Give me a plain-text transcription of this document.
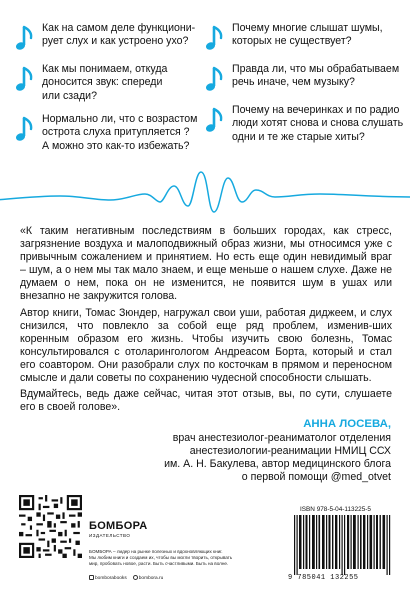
Как на самом деле функциони-
рует слух и как устроено ухо?
Как мы понимаем, откуда
доносится звук: спереди
или сзади?
Нормально ли, что с возрастом
острота слуха притупляется ?
А можно это как-то избежать?
Почему многие слышат шумы,
которых не существует?
Правда ли, что мы обрабатываем
речь иначе, чем музыку?
Почему на вечеринках и по радио
люди хотят снова и снова слушать
одни и те же старые хиты?

«К таким негативным последствиям в больших городах, как стресс, загрязнение воздуха и малоподвижный образ жизни, мы относимся уже с привычным сожалением и принятием. Но есть еще один невидимый враг – шум, а о нем мы так мало знаем, и еще меньше о нашем слухе. Даже не думаем о нем, пока он не изменится, не появится шум в ушах или внезапно не закружится голова.

Автор книги, Томас Зюндер, нагружал свои уши, работая диджеем, и слух снизился, что повлекло за собой еще ряд проблем, изменив-ших коренным образом его жизнь. Чтобы изучить свою болезнь, Томас консультировался с отоларингологом Андреасом Борта, который и стал его соавтором. Они разобрали слух по косточкам в прямом и переносном смысле и дали советы по сохранению чудесной способности слышать.

Вдумайтесь, ведь даже сейчас, читая этот отзыв, вы, по сути, слушаете его в своей голове».

АННА ЛОСЕВА,
врач анестезиолог-реаниматолог отделения
анестезиологии-реанимации НМИЦ ССХ
им. А. Н. Бакулева, автор медицинского блога
о первой помощи @med_otvet
БОМБОРА
ИЗДАТЕЛЬСТВО
БОМБОРА – лидер на рынке полезных и вдохновляющих книг.
Мы любим книги и создаем их, чтобы вы могли творить, открывать
мир, пробовать новое, расти. Быть счастливыми. Быть на волне.
bomborabooks	bombora.ru
ISBN 978-5-04-113225-5
9 785041 132255
